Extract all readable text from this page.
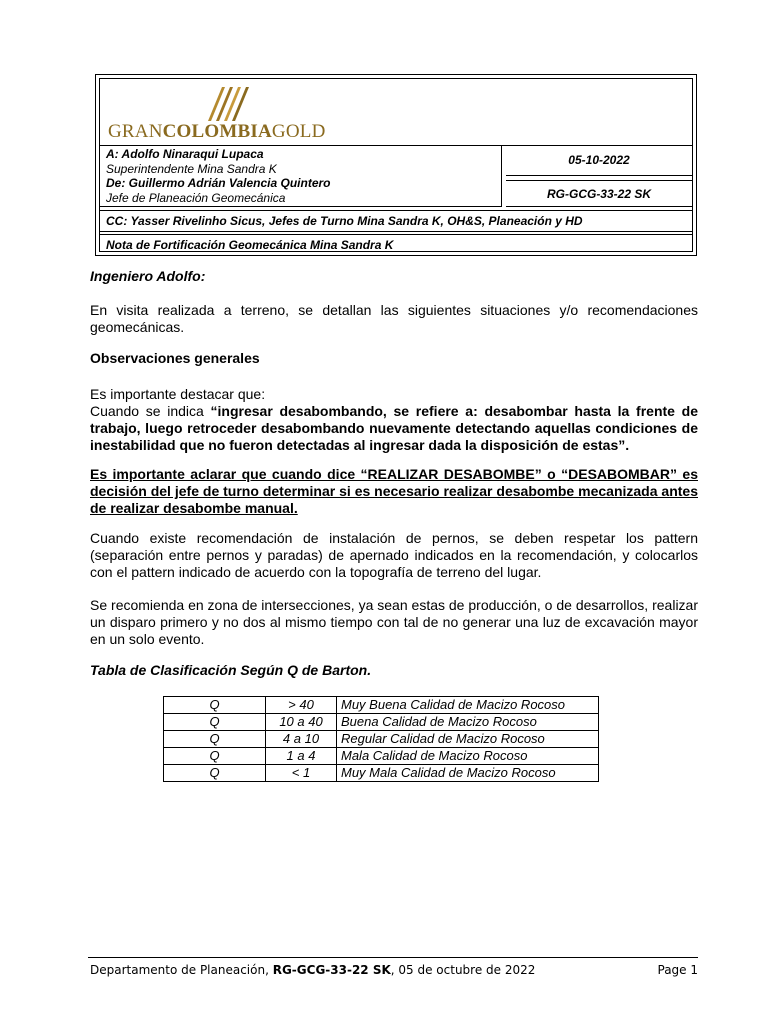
GRANCOLOMBIAGOLD
A: Adolfo Ninaraqui Lupaca
Superintendente Mina Sandra K
De: Guillermo Adrián Valencia Quintero
Jefe de Planeación Geomecánica
05-10-2022
RG-GCG-33-22 SK
CC: Yasser Rivelinho Sicus, Jefes de Turno Mina Sandra K, OH&S, Planeación y HD
Nota de Fortificación Geomecánica Mina Sandra K
Ingeniero Adolfo:
En visita realizada a terreno, se detallan las siguientes situaciones y/o recomendaciones geomecánicas.
Observaciones generales
Es importante destacar que:
Cuando se indica “ingresar desabombando, se refiere a: desabombar hasta la frente de trabajo, luego retroceder desabombando nuevamente detectando aquellas condiciones de inestabilidad que no fueron detectadas al ingresar dada la disposición de estas”.
Es importante aclarar que cuando dice “REALIZAR DESABOMBE” o “DESABOMBAR” es decisión del jefe de turno determinar si es necesario realizar desabombe mecanizada antes de realizar desabombe manual.
Cuando existe recomendación de instalación de pernos, se deben respetar los pattern (separación entre pernos y paradas) de apernado indicados en la recomendación, y colocarlos con el pattern indicado de acuerdo con la topografía de terreno del lugar.
Se recomienda en zona de intersecciones, ya sean estas de producción, o de desarrollos, realizar un disparo primero y no dos al mismo tiempo con tal de no generar una luz de excavación mayor en un solo evento.
Tabla de Clasificación Según Q de Barton.
Q	> 40	Muy Buena Calidad de Macizo Rocoso
Q	10 a 40	Buena Calidad de Macizo Rocoso
Q	4 a 10	Regular Calidad de Macizo Rocoso
Q	1 a 4	Mala Calidad de Macizo Rocoso
Q	< 1	Muy Mala Calidad de Macizo Rocoso
Departamento de Planeación, RG-GCG-33-22 SK, 05 de octubre de 2022	Page 1
